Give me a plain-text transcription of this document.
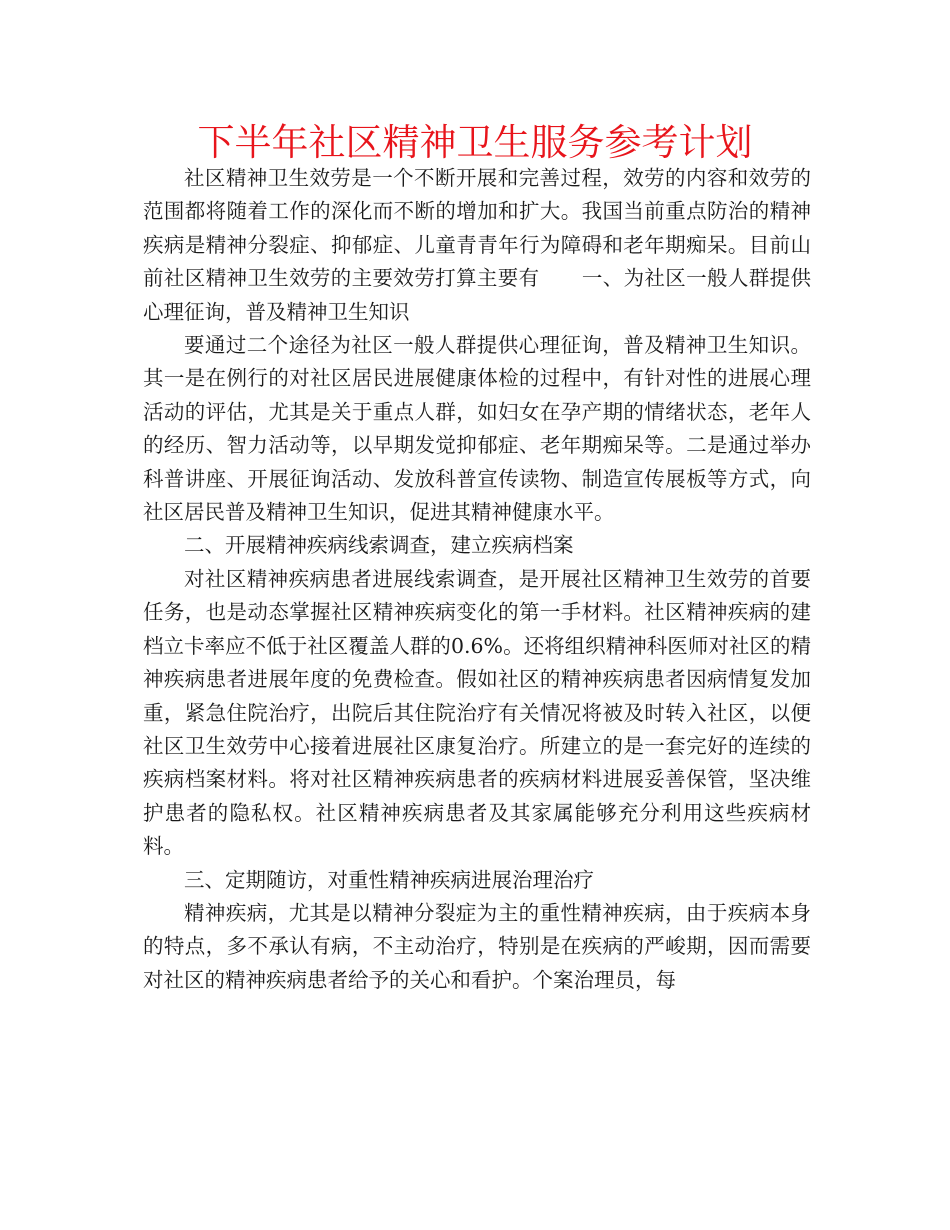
下半年社区精神卫生服务参考计划

社区精神卫生效劳是一个不断开展和完善过程，效劳的内容和效劳的范围都将随着工作的深化而不断的增加和扩大。我国当前重点防治的精神疾病是精神分裂症、抑郁症、儿童青青年行为障碍和老年期痴呆。目前山前社区精神卫生效劳的主要效劳打算主要有 一、为社区一般人群提供心理征询，普及精神卫生知识

要通过二个途径为社区一般人群提供心理征询，普及精神卫生知识。其一是在例行的对社区居民进展健康体检的过程中，有针对性的进展心理活动的评估，尤其是关于重点人群，如妇女在孕产期的情绪状态，老年人的经历、智力活动等，以早期发觉抑郁症、老年期痴呆等。二是通过举办科普讲座、开展征询活动、发放科普宣传读物、制造宣传展板等方式，向社区居民普及精神卫生知识，促进其精神健康水平。

二、开展精神疾病线索调查，建立疾病档案

对社区精神疾病患者进展线索调查，是开展社区精神卫生效劳的首要任务，也是动态掌握社区精神疾病变化的第一手材料。社区精神疾病的建档立卡率应不低于社区覆盖人群的0.6%。还将组织精神科医师对社区的精神疾病患者进展年度的免费检查。假如社区的精神疾病患者因病情复发加重，紧急住院治疗，出院后其住院治疗有关情况将被及时转入社区，以便社区卫生效劳中心接着进展社区康复治疗。所建立的是一套完好的连续的疾病档案材料。将对社区精神疾病患者的疾病材料进展妥善保管，坚决维护患者的隐私权。社区精神疾病患者及其家属能够充分利用这些疾病材料。

三、定期随访，对重性精神疾病进展治理治疗

精神疾病，尤其是以精神分裂症为主的重性精神疾病，由于疾病本身的特点，多不承认有病，不主动治疗，特别是在疾病的严峻期，因而需要对社区的精神疾病患者给予的关心和看护。个案治理员，每
